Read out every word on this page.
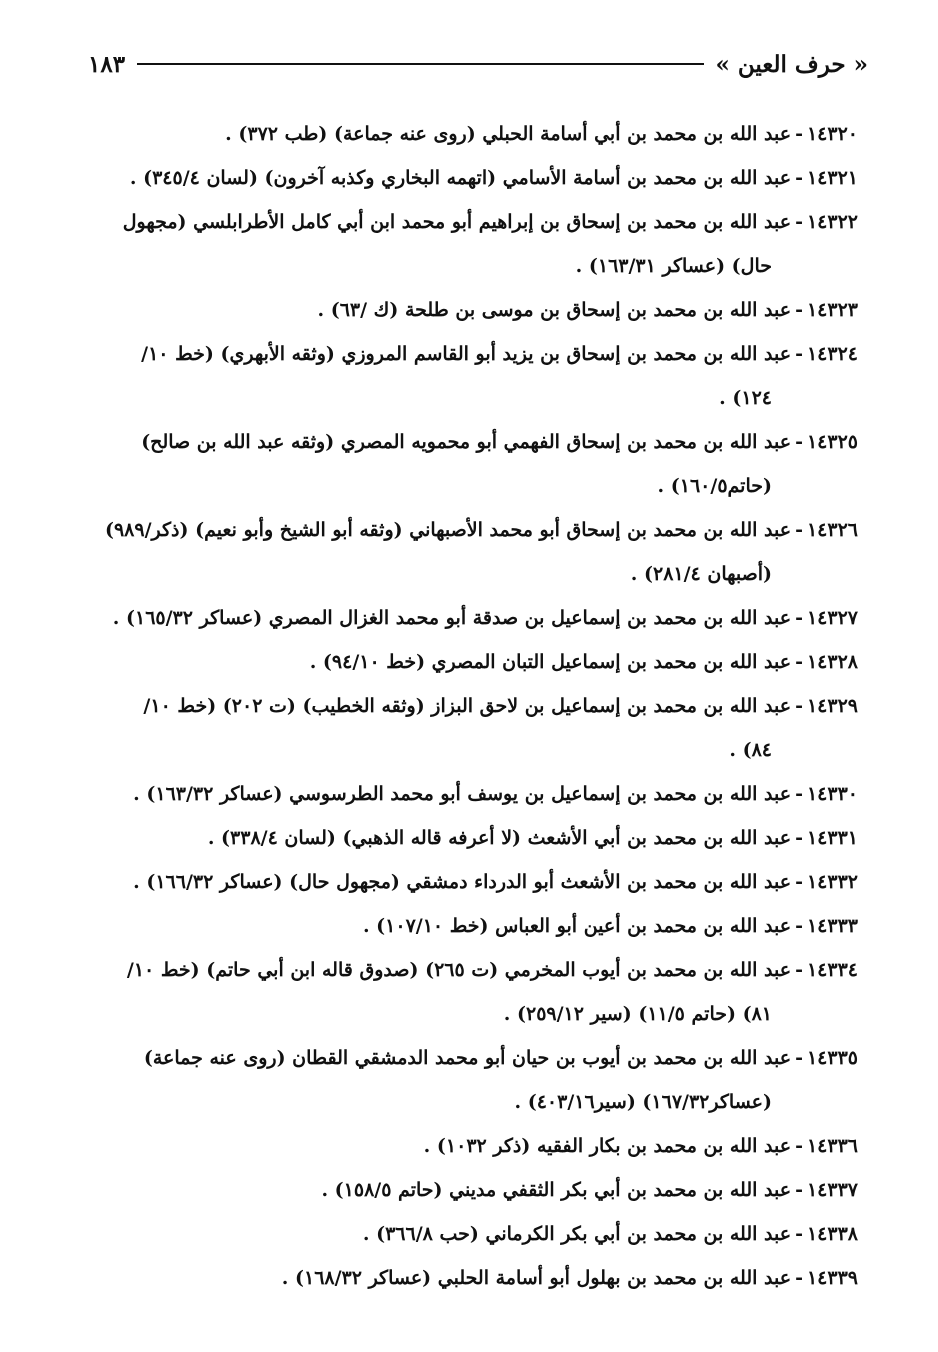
« حرف العين »
١٨٣
١٤٣٢٠-عبد الله بن محمد بن أبي أسامة الحبلي (روى عنه جماعة) (طب ٣٧٢) .
١٤٣٢١-عبد الله بن محمد بن أسامة الأسامي (اتهمه البخاري وكذبه آخرون) (لسان ٣٤٥/٤) .
١٤٣٢٢-عبد الله بن محمد بن إسحاق بن إبراهيم أبو محمد ابن أبي كامل الأطرابلسي (مجهول
حال) (عساكر ١٦٣/٣١) .
١٤٣٢٣-عبد الله بن محمد بن إسحاق بن موسى بن طلحة (ك /٦٣) .
١٤٣٢٤-عبد الله بن محمد بن إسحاق بن يزيد أبو القاسم المروزي (وثقه الأبهري) (خط ١٠/
١٢٤) .
١٤٣٢٥-عبد الله بن محمد بن إسحاق الفهمي أبو محمويه المصري (وثقه عبد الله بن صالح)
(حاتم١٦٠/٥) .
١٤٣٢٦-عبد الله بن محمد بن إسحاق أبو محمد الأصبهاني (وثقه أبو الشيخ وأبو نعيم) (ذكر/٩٨٩)
(أصبهان ٢٨١/٤) .
١٤٣٢٧-عبد الله بن محمد بن إسماعيل بن صدقة أبو محمد الغزال المصري (عساكر ١٦٥/٣٢) .
١٤٣٢٨-عبد الله بن محمد بن إسماعيل التبان المصري (خط ٩٤/١٠) .
١٤٣٢٩-عبد الله بن محمد بن إسماعيل بن لاحق البزاز (وثقه الخطيب) (ت ٢٠٢) (خط ١٠/
٨٤) .
١٤٣٣٠-عبد الله بن محمد بن إسماعيل بن يوسف أبو محمد الطرسوسي (عساكر ١٦٣/٣٢) .
١٤٣٣١-عبد الله بن محمد بن أبي الأشعث (لا أعرفه قاله الذهبي) (لسان ٣٣٨/٤) .
١٤٣٣٢-عبد الله بن محمد بن الأشعث أبو الدرداء دمشقي (مجهول حال) (عساكر ١٦٦/٣٢) .
١٤٣٣٣-عبد الله بن محمد بن أعين أبو العباس (خط ١٠٧/١٠) .
١٤٣٣٤-عبد الله بن محمد بن أيوب المخرمي (ت ٢٦٥) (صدوق قاله ابن أبي حاتم) (خط ١٠/
٨١) (حاتم ١١/٥) (سير ٢٥٩/١٢) .
١٤٣٣٥-عبد الله بن محمد بن أيوب بن حيان أبو محمد الدمشقي القطان (روى عنه جماعة)
(عساكر١٦٧/٣٢) (سير٤٠٣/١٦) .
١٤٣٣٦-عبد الله بن محمد بن بكار الفقيه (ذكر ١٠٣٢) .
١٤٣٣٧-عبد الله بن محمد بن أبي بكر الثقفي مديني (حاتم ١٥٨/٥) .
١٤٣٣٨-عبد الله بن محمد بن أبي بكر الكرماني (حب ٣٦٦/٨) .
١٤٣٣٩-عبد الله بن محمد بن بهلول أبو أسامة الحلبي (عساكر ١٦٨/٣٢) .
